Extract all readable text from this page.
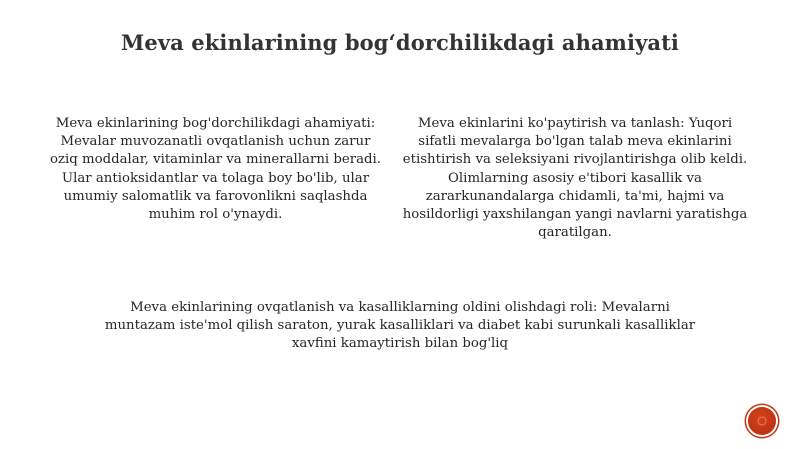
Meva ekinlarining bog‘dorchilikdagi ahamiyati
Meva ekinlarining bog'dorchilikdagi ahamiyati: Mevalar muvozanatli ovqatlanish uchun zarur oziq moddalar, vitaminlar va minerallarni beradi. Ular antioksidantlar va tolaga boy bo'lib, ular umumiy salomatlik va farovonlikni saqlashda muhim rol o'ynaydi.
Meva ekinlarini ko'paytirish va tanlash: Yuqori sifatli mevalarga bo'lgan talab meva ekinlarini etishtirish va seleksiyani rivojlantirishga olib keldi. Olimlarning asosiy e'tibori kasallik va zararkunandalarga chidamli, ta'mi, hajmi va hosildorligi yaxshilangan yangi navlarni yaratishga qaratilgan.
Meva ekinlarining ovqatlanish va kasalliklarning oldini olishdagi roli: Mevalarni muntazam iste'mol qilish saraton, yurak kasalliklari va diabet kabi surunkali kasalliklar xavfini kamaytirish bilan bog'liq
